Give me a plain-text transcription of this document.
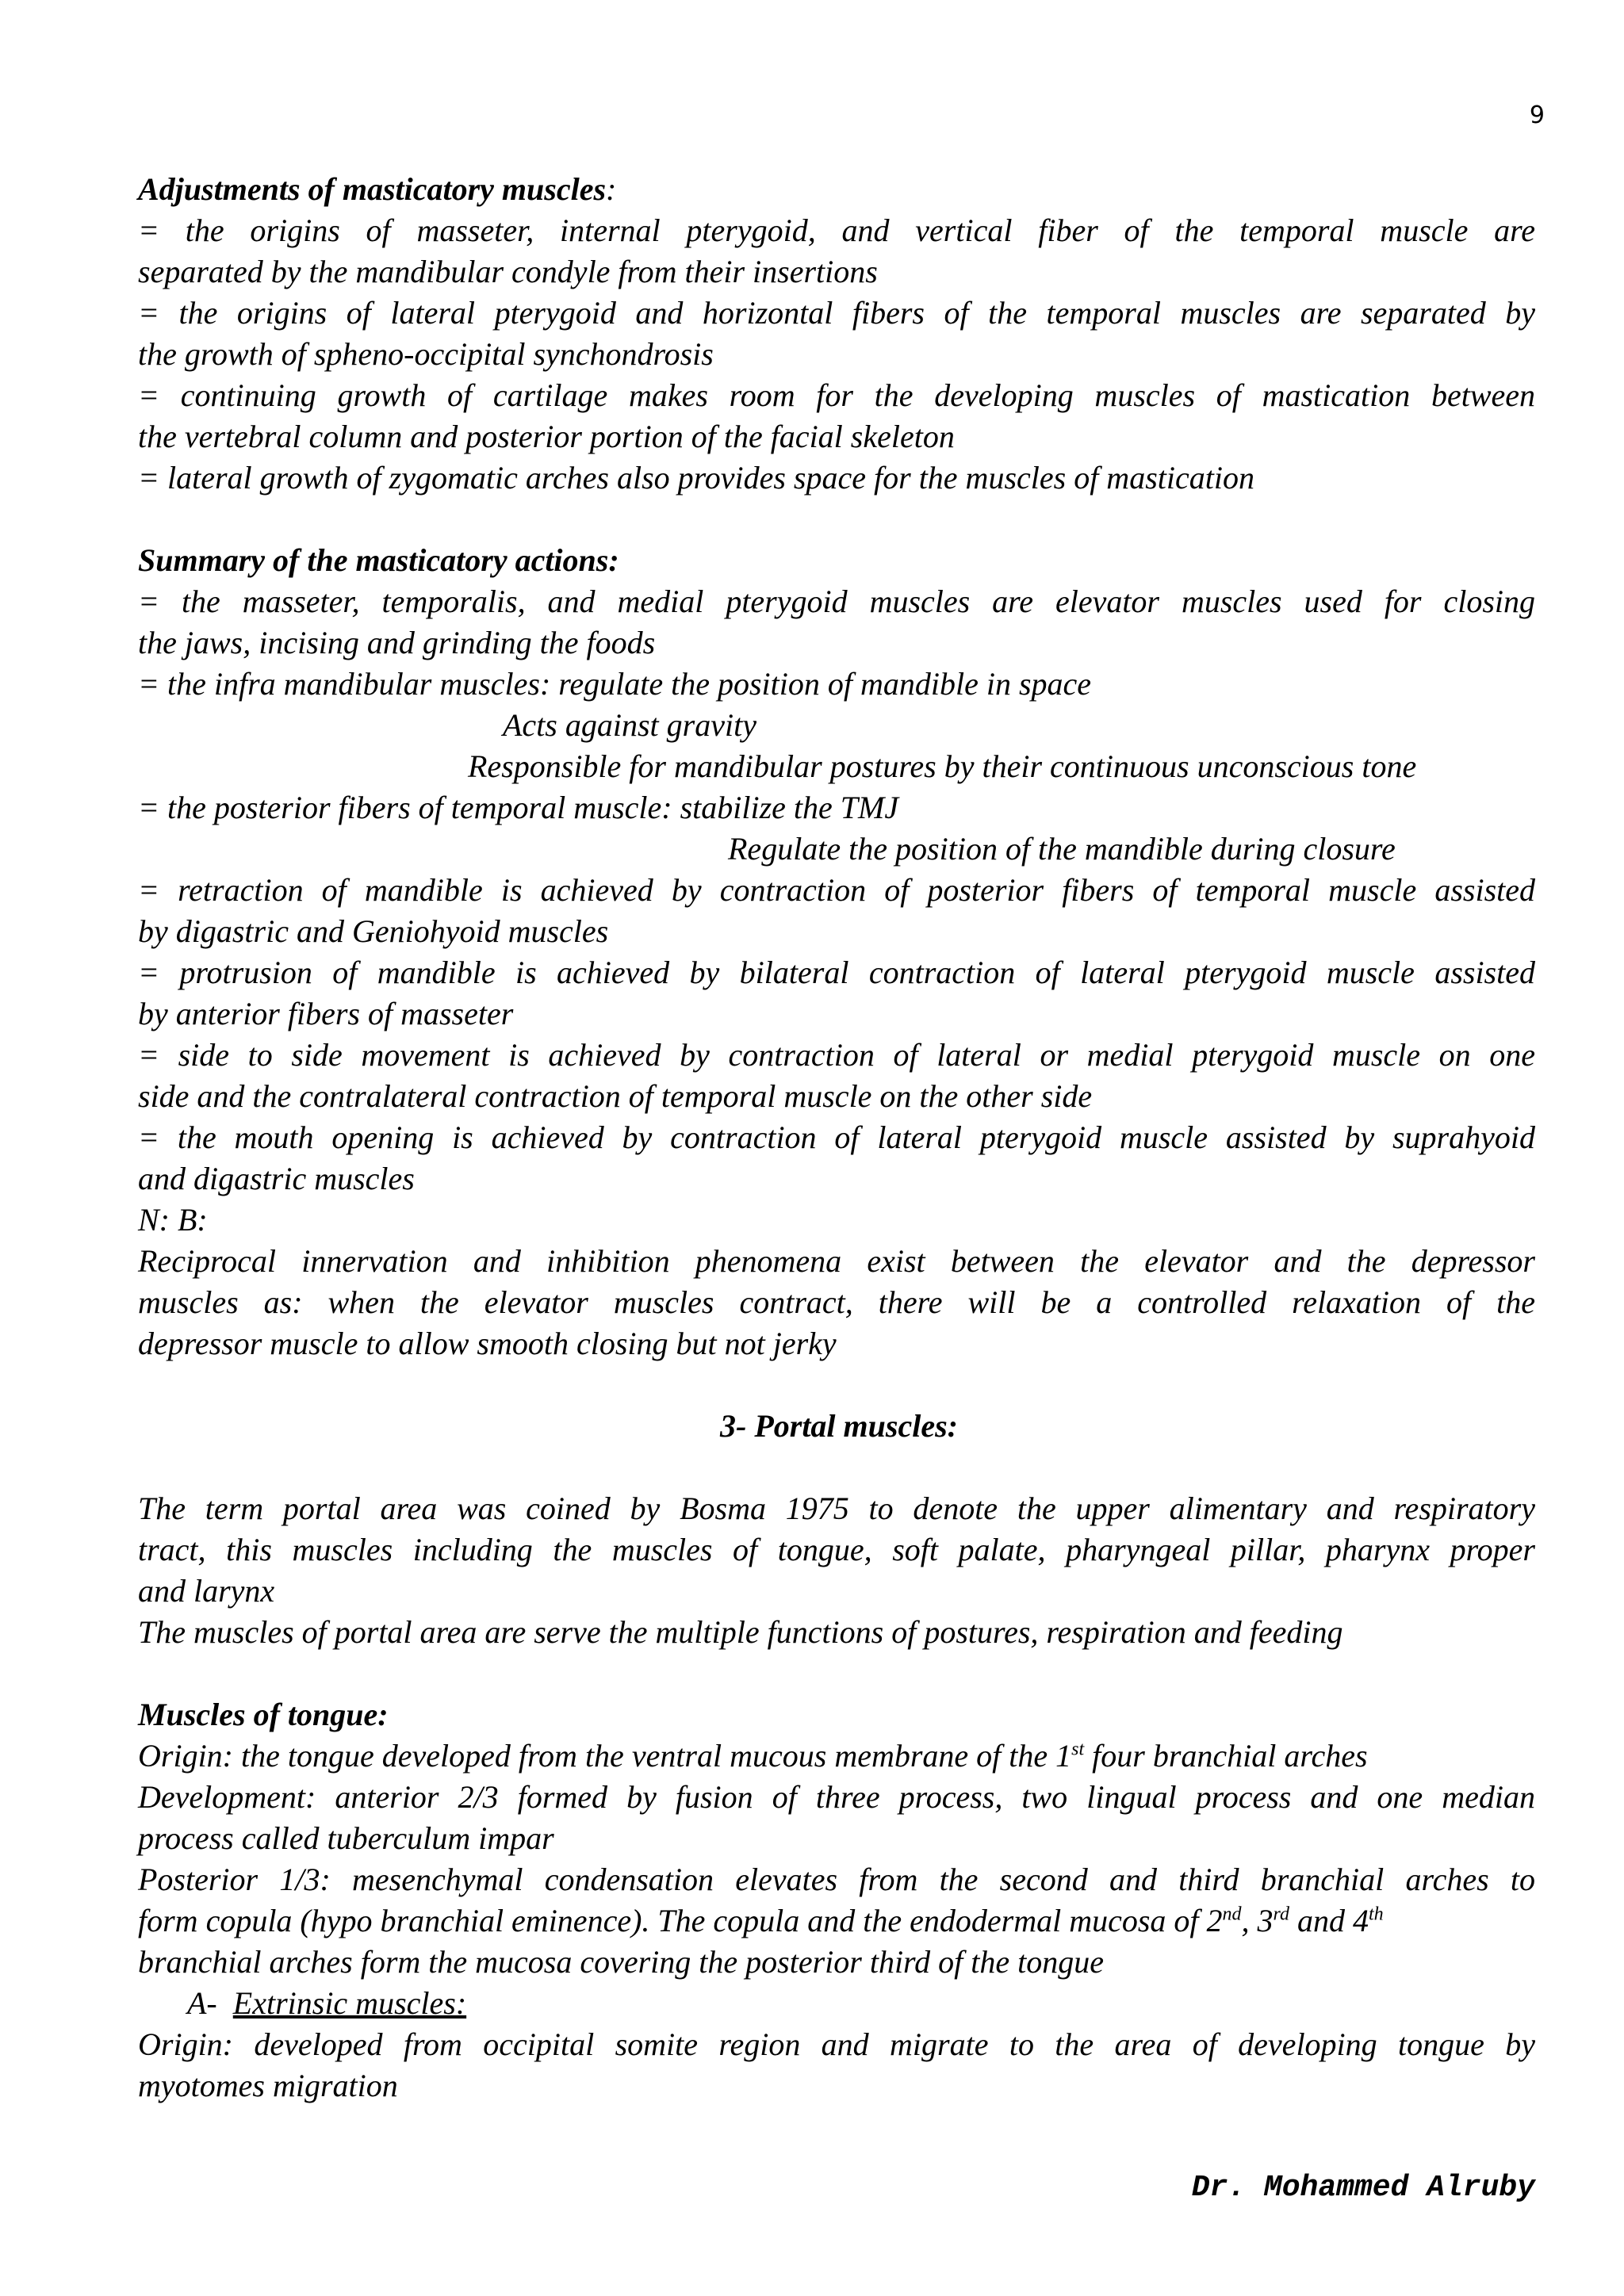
9
Adjustments of masticatory muscles:
= the origins of masseter, internal pterygoid, and vertical fiber of the temporal muscle are
separated by the mandibular condyle from their insertions
= the origins of lateral pterygoid and horizontal fibers of the temporal muscles are separated by
the growth of spheno-occipital synchondrosis
= continuing growth of cartilage makes room for the developing muscles of mastication between
the vertebral column and posterior portion of the facial skeleton
= lateral growth of zygomatic arches also provides space for the muscles of mastication
Summary of the masticatory actions:
= the masseter, temporalis, and medial pterygoid muscles are elevator muscles used for closing
the jaws, incising and grinding the foods
= the infra mandibular muscles: regulate the position of mandible in space
Acts against gravity
Responsible for mandibular postures by their continuous unconscious tone
= the posterior fibers of temporal muscle: stabilize the TMJ
Regulate the position of the mandible during closure
= retraction of mandible is achieved by contraction of posterior fibers of temporal muscle assisted
by digastric and Geniohyoid muscles
= protrusion of mandible is achieved by bilateral contraction of lateral pterygoid muscle assisted
by anterior fibers of masseter
= side to side movement is achieved by contraction of lateral or medial pterygoid muscle on one
side and the contralateral contraction of temporal muscle on the other side
= the mouth opening is achieved by contraction of lateral pterygoid muscle assisted by suprahyoid
and digastric muscles
N: B:
Reciprocal innervation and inhibition phenomena exist between the elevator and the depressor
muscles as: when the elevator muscles contract, there will be a controlled relaxation of the
depressor muscle to allow smooth closing but not jerky
3- Portal muscles:
The term portal area was coined by Bosma 1975 to denote the upper alimentary and respiratory
tract, this muscles including the muscles of tongue, soft palate, pharyngeal pillar, pharynx proper
and larynx
The muscles of portal area are serve the multiple functions of postures, respiration and feeding
Muscles of tongue:
Origin: the tongue developed from the ventral mucous membrane of the 1st four branchial arches
Development: anterior 2/3 formed by fusion of three process, two lingual process and one median
process called tuberculum impar
Posterior 1/3: mesenchymal condensation elevates from the second and third branchial arches to
form copula (hypo branchial eminence). The copula and the endodermal mucosa of 2nd, 3rd and 4th
branchial arches form the mucosa covering the posterior third of the tongue
A- Extrinsic muscles:
Origin: developed from occipital somite region and migrate to the area of developing tongue by
myotomes migration
Dr. Mohammed Alruby
